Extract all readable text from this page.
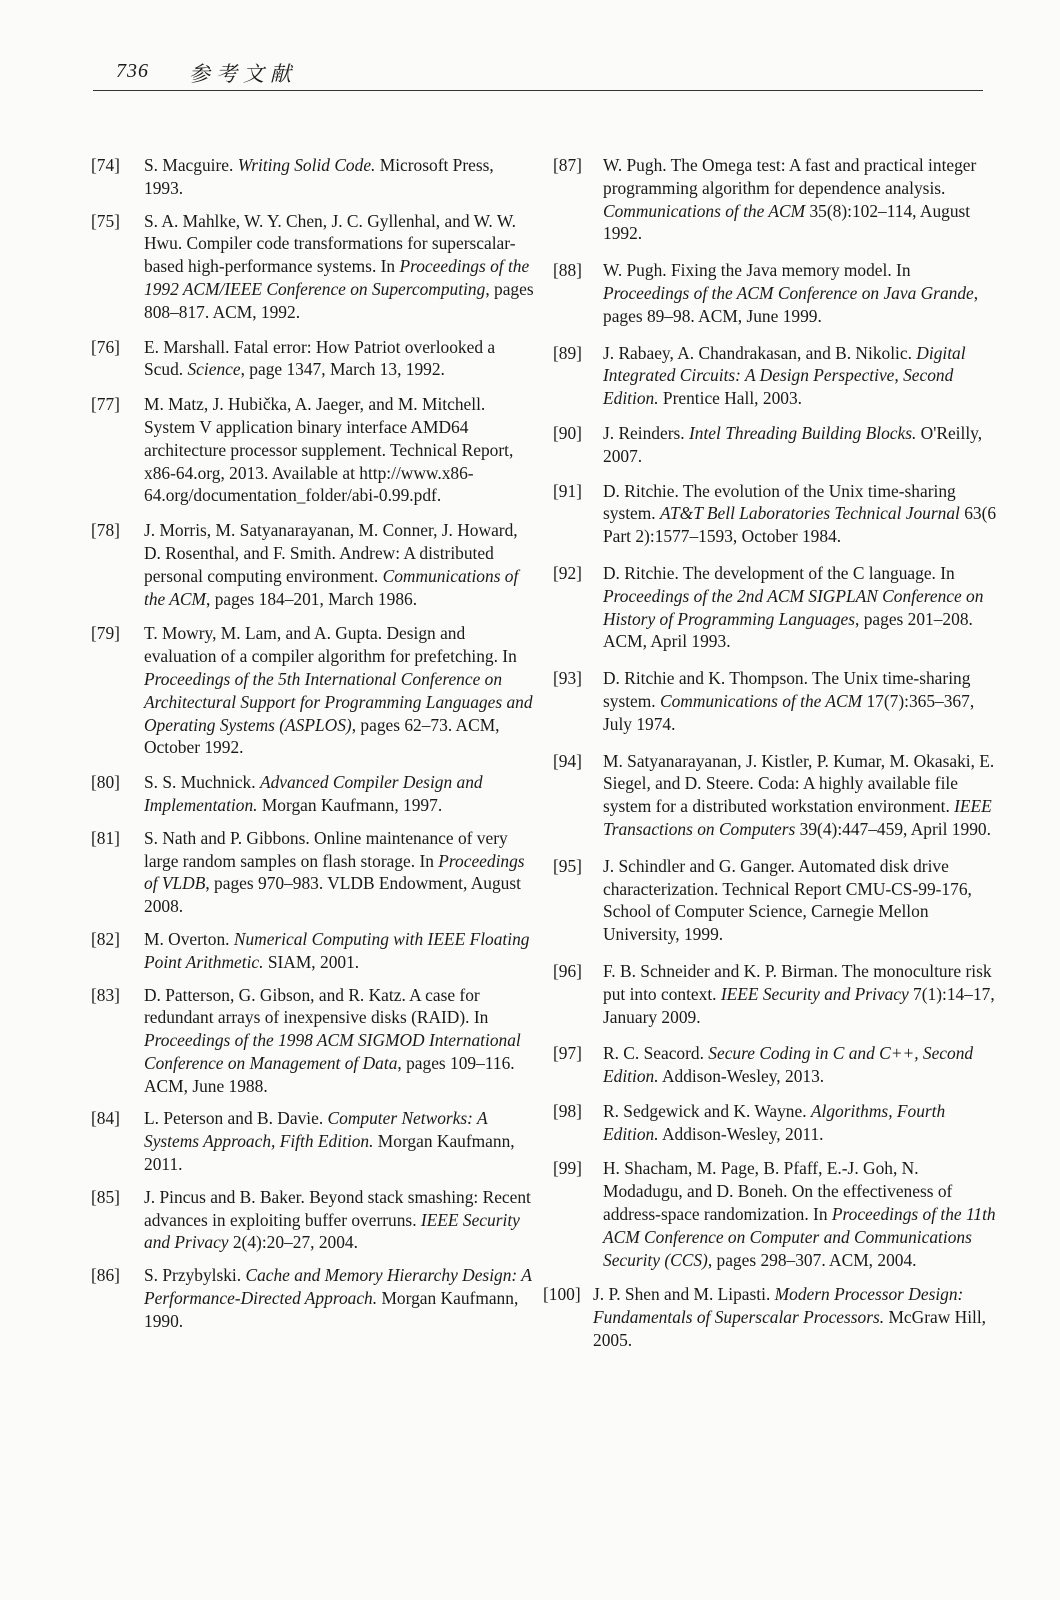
736 参考文献
[74] S. Macguire. Writing Solid Code. Microsoft Press, 1993.
[75] S. A. Mahlke, W. Y. Chen, J. C. Gyllenhal, and W. W. Hwu. Compiler code transformations for superscalar-based high-performance systems. In Proceedings of the 1992 ACM/IEEE Conference on Supercomputing, pages 808–817. ACM, 1992.
[76] E. Marshall. Fatal error: How Patriot overlooked a Scud. Science, page 1347, March 13, 1992.
[77] M. Matz, J. Hubička, A. Jaeger, and M. Mitchell. System V application binary interface AMD64 architecture processor supplement. Technical Report, x86-64.org, 2013. Available at http://www.x86-64.org/documentation_folder/abi-0.99.pdf.
[78] J. Morris, M. Satyanarayanan, M. Conner, J. Howard, D. Rosenthal, and F. Smith. Andrew: A distributed personal computing environment. Communications of the ACM, pages 184–201, March 1986.
[79] T. Mowry, M. Lam, and A. Gupta. Design and evaluation of a compiler algorithm for prefetching. In Proceedings of the 5th International Conference on Architectural Support for Programming Languages and Operating Systems (ASPLOS), pages 62–73. ACM, October 1992.
[80] S. S. Muchnick. Advanced Compiler Design and Implementation. Morgan Kaufmann, 1997.
[81] S. Nath and P. Gibbons. Online maintenance of very large random samples on flash storage. In Proceedings of VLDB, pages 970–983. VLDB Endowment, August 2008.
[82] M. Overton. Numerical Computing with IEEE Floating Point Arithmetic. SIAM, 2001.
[83] D. Patterson, G. Gibson, and R. Katz. A case for redundant arrays of inexpensive disks (RAID). In Proceedings of the 1998 ACM SIGMOD International Conference on Management of Data, pages 109–116. ACM, June 1988.
[84] L. Peterson and B. Davie. Computer Networks: A Systems Approach, Fifth Edition. Morgan Kaufmann, 2011.
[85] J. Pincus and B. Baker. Beyond stack smashing: Recent advances in exploiting buffer overruns. IEEE Security and Privacy 2(4):20–27, 2004.
[86] S. Przybylski. Cache and Memory Hierarchy Design: A Performance-Directed Approach. Morgan Kaufmann, 1990.
[87] W. Pugh. The Omega test: A fast and practical integer programming algorithm for dependence analysis. Communications of the ACM 35(8):102–114, August 1992.
[88] W. Pugh. Fixing the Java memory model. In Proceedings of the ACM Conference on Java Grande, pages 89–98. ACM, June 1999.
[89] J. Rabaey, A. Chandrakasan, and B. Nikolic. Digital Integrated Circuits: A Design Perspective, Second Edition. Prentice Hall, 2003.
[90] J. Reinders. Intel Threading Building Blocks. O'Reilly, 2007.
[91] D. Ritchie. The evolution of the Unix time-sharing system. AT&T Bell Laboratories Technical Journal 63(6 Part 2):1577–1593, October 1984.
[92] D. Ritchie. The development of the C language. In Proceedings of the 2nd ACM SIGPLAN Conference on History of Programming Languages, pages 201–208. ACM, April 1993.
[93] D. Ritchie and K. Thompson. The Unix time-sharing system. Communications of the ACM 17(7):365–367, July 1974.
[94] M. Satyanarayanan, J. Kistler, P. Kumar, M. Okasaki, E. Siegel, and D. Steere. Coda: A highly available file system for a distributed workstation environment. IEEE Transactions on Computers 39(4):447–459, April 1990.
[95] J. Schindler and G. Ganger. Automated disk drive characterization. Technical Report CMU-CS-99-176, School of Computer Science, Carnegie Mellon University, 1999.
[96] F. B. Schneider and K. P. Birman. The monoculture risk put into context. IEEE Security and Privacy 7(1):14–17, January 2009.
[97] R. C. Seacord. Secure Coding in C and C++, Second Edition. Addison-Wesley, 2013.
[98] R. Sedgewick and K. Wayne. Algorithms, Fourth Edition. Addison-Wesley, 2011.
[99] H. Shacham, M. Page, B. Pfaff, E.-J. Goh, N. Modadugu, and D. Boneh. On the effectiveness of address-space randomization. In Proceedings of the 11th ACM Conference on Computer and Communications Security (CCS), pages 298–307. ACM, 2004.
[100] J. P. Shen and M. Lipasti. Modern Processor Design: Fundamentals of Superscalar Processors. McGraw Hill, 2005.
